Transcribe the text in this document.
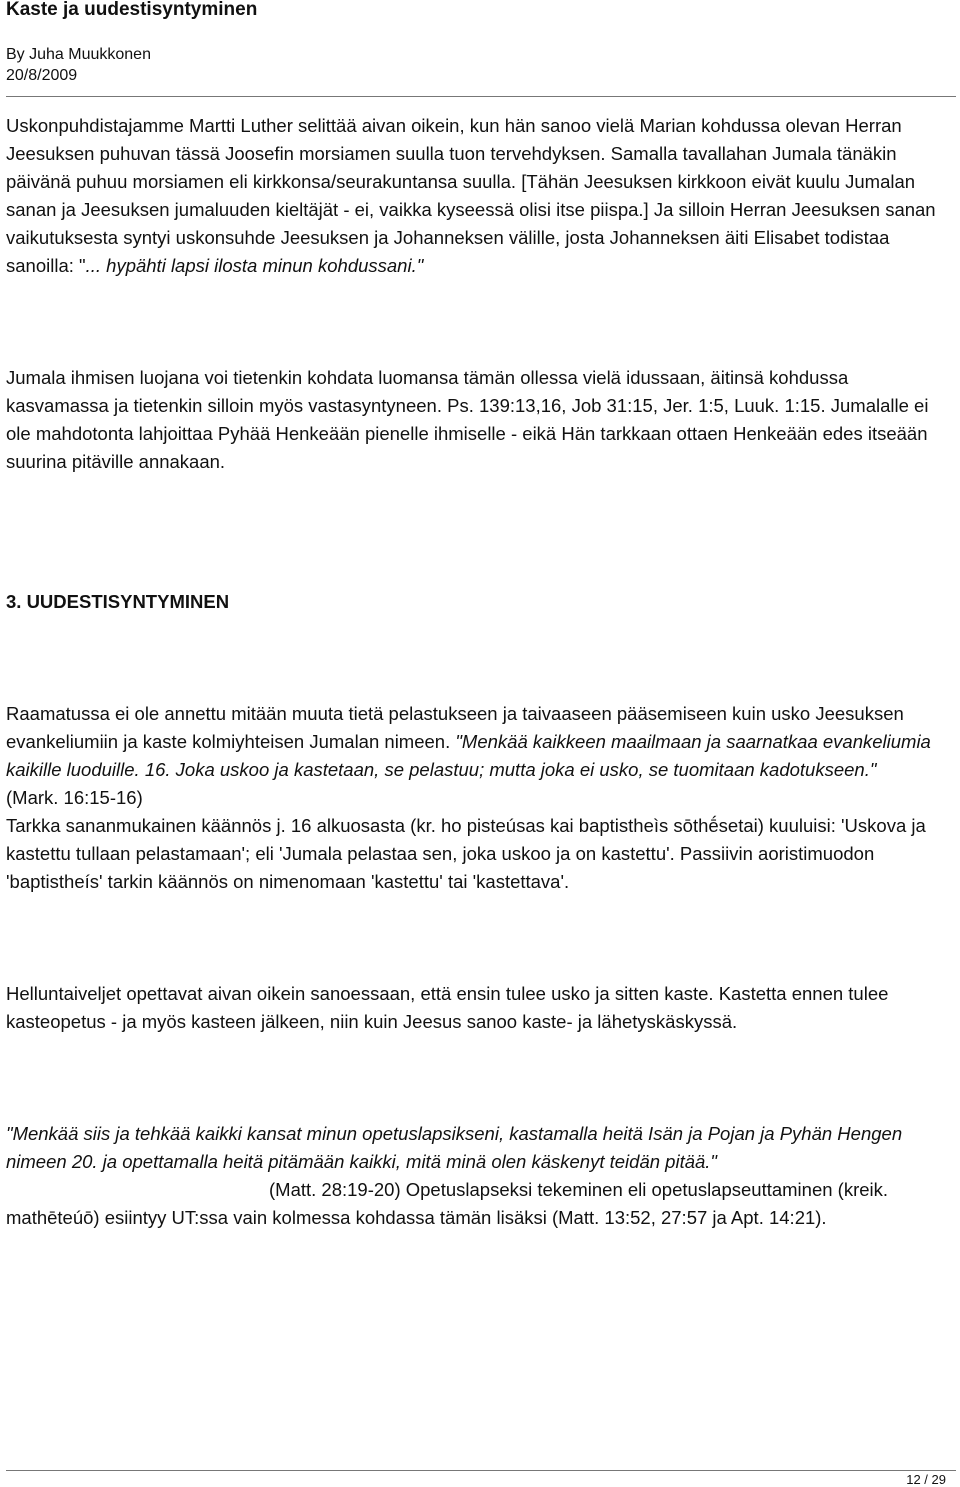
Kaste ja uudestisyntyminen
By Juha Muukkonen
20/8/2009

Uskonpuhdistajamme Martti Luther selittää aivan oikein, kun hän sanoo vielä Marian kohdussa olevan Herran Jeesuksen puhuvan tässä Joosefin morsiamen suulla tuon tervehdyksen. Samalla tavallahan Jumala tänäkin päivänä puhuu morsiamen eli kirkkonsa/seurakuntansa suulla. [Tähän Jeesuksen kirkkoon eivät kuulu Jumalan sanan ja Jeesuksen jumaluuden kieltäjät - ei, vaikka kyseessä olisi itse piispa.] Ja silloin Herran Jeesuksen sanan vaikutuksesta syntyi uskonsuhde Jeesuksen ja Johanneksen välille, josta Johanneksen äiti Elisabet todistaa sanoilla: "... hypähti lapsi ilosta minun kohdussani."

Jumala ihmisen luojana voi tietenkin kohdata luomansa tämän ollessa vielä idussaan, äitinsä kohdussa kasvamassa ja tietenkin silloin myös vastasyntyneen. Ps. 139:13,16, Job 31:15, Jer. 1:5, Luuk. 1:15. Jumalalle ei ole mahdotonta lahjoittaa Pyhää Henkeään pienelle ihmiselle - eikä Hän tarkkaan ottaen Henkeään edes itseään suurina pitäville annakaan.

3. UUDESTISYNTYMINEN

Raamatussa ei ole annettu mitään muuta tietä pelastukseen ja taivaaseen pääsemiseen kuin usko Jeesuksen evankeliumiin ja kaste kolmiyhteisen Jumalan nimeen. "Menkää kaikkeen maailmaan ja saarnatkaa evankeliumia kaikille luoduille. 16. Joka uskoo ja kastetaan, se pelastuu; mutta joka ei usko, se tuomitaan kadotukseen."
(Mark. 16:15-16)
Tarkka sananmukainen käännös j. 16 alkuosasta (kr. ho pisteúsas kai baptistheìs sōthḗsetai) kuuluisi: 'Uskova ja kastettu tullaan pelastamaan'; eli 'Jumala pelastaa sen, joka uskoo ja on kastettu'. Passiivin aoristimuodon 'baptistheís' tarkin käännös on nimenomaan 'kastettu' tai 'kastettava'.

Helluntaiveljet opettavat aivan oikein sanoessaan, että ensin tulee usko ja sitten kaste. Kastetta ennen tulee kasteopetus - ja myös kasteen jälkeen, niin kuin Jeesus sanoo kaste- ja lähetyskäskyssä.

"Menkää siis ja tehkää kaikki kansat minun opetuslapsikseni, kastamalla heitä Isän ja Pojan ja Pyhän Hengen nimeen 20. ja opettamalla heitä pitämään kaikki, mitä minä olen käskenyt teidän pitää."(Matt. 28:19-20) Opetuslapseksi tekeminen eli opetuslapseuttaminen (kreik. mathēteúō) esiintyy UT:ssa vain kolmessa kohdassa tämän lisäksi (Matt. 13:52, 27:57 ja Apt. 14:21).

12 / 29
